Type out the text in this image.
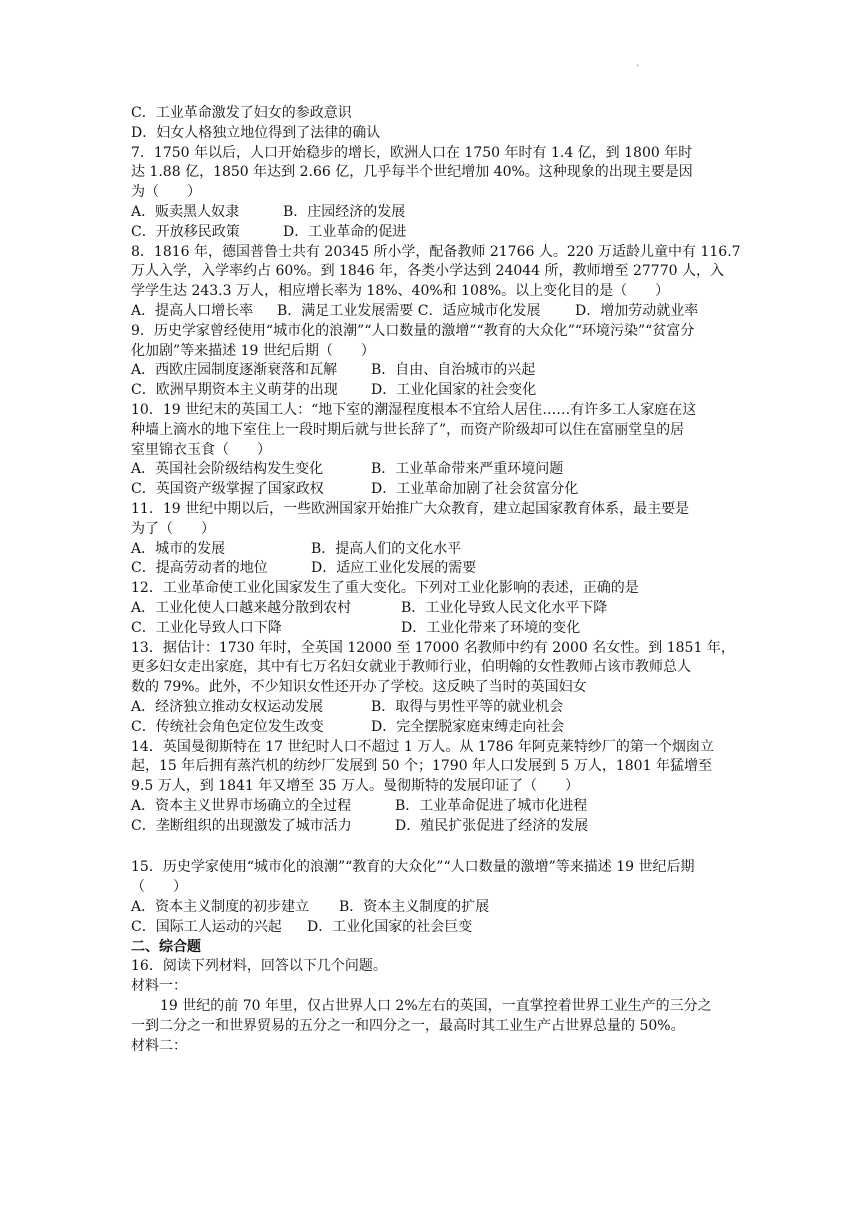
.
C．工业革命激发了妇女的参政意识
D．妇女人格独立地位得到了法律的确认
7．1750 年以后，人口开始稳步的增长，欧洲人口在 1750 年时有 1.4 亿，到 1800 年时
达 1.88 亿，1850 年达到 2.66 亿，几乎每半个世纪增加 40%。这种现象的出现主要是因
为（　　）
A．贩卖黑人奴隶	B．庄园经济的发展
C．开放移民政策	D．工业革命的促进
8．1816 年，德国普鲁士共有 20345 所小学，配备教师 21766 人。220 万适龄儿童中有 116.7
万人入学，入学率约占 60%。到 1846 年，各类小学达到 24044 所，教师增至 27770 人，入
学学生达 243.3 万人，相应增长率为 18%、40%和 108%。以上变化目的是（　　）
A．提高人口增长率 B．满足工业发展需要 C．适应城市化发展 D．增加劳动就业率
9．历史学家曾经使用“城市化的浪潮”“人口数量的激增”“教育的大众化”“环境污染”“贫富分
化加剧”等来描述 19 世纪后期（　　）
A．西欧庄园制度逐渐衰落和瓦解 B．自由、自治城市的兴起
C．欧洲早期资本主义萌芽的出现 D．工业化国家的社会变化
10．19 世纪末的英国工人：“地下室的潮湿程度根本不宜给人居住……有许多工人家庭在这
种墙上滴水的地下室住上一段时期后就与世长辞了”，而资产阶级却可以住在富丽堂皇的居
室里锦衣玉食（　　）
A．英国社会阶级结构发生变化	B．工业革命带来严重环境问题
C．英国资产级掌握了国家政权	D．工业革命加剧了社会贫富分化
11．19 世纪中期以后，一些欧洲国家开始推广大众教育，建立起国家教育体系，最主要是
为了（　　）
A．城市的发展	B．提高人们的文化水平
C．提高劳动者的地位	D．适应工业化发展的需要
12．工业革命使工业化国家发生了重大变化。下列对工业化影响的表述，正确的是
A．工业化使人口越来越分散到农村	B．工业化导致人民文化水平下降
C．工业化导致人口下降	D．工业化带来了环境的变化
13．据估计：1730 年时，全英国 12000 至 17000 名教师中约有 2000 名女性。到 1851 年，
更多妇女走出家庭，其中有七万名妇女就业于教师行业，伯明翰的女性教师占该市教师总人
数的 79%。此外，不少知识女性还开办了学校。这反映了当时的英国妇女
A．经济独立推动女权运动发展	B．取得与男性平等的就业机会
C．传统社会角色定位发生改变	D．完全摆脱家庭束缚走向社会
14．英国曼彻斯特在 17 世纪时人口不超过 1 万人。从 1786 年阿克莱特纱厂的第一个烟囱立
起，15 年后拥有蒸汽机的纺纱厂发展到 50 个；1790 年人口发展到 5 万人，1801 年猛增至
9.5 万人，到 1841 年又增至 35 万人。曼彻斯特的发展印证了（　　）
A．资本主义世界市场确立的全过程	B．工业革命促进了城市化进程
C．垄断组织的出现激发了城市活力	D．殖民扩张促进了经济的发展
15．历史学家使用“城市化的浪潮”“教育的大众化”“人口数量的激增”等来描述 19 世纪后期
（　　）
A．资本主义制度的初步建立 B．资本主义制度的扩展
C．国际工人运动的兴起 D．工业化国家的社会巨变
二、综合题
16．阅读下列材料，回答以下几个问题。
材料一：
19 世纪的前 70 年里，仅占世界人口 2%左右的英国，一直掌控着世界工业生产的三分之
一到二分之一和世界贸易的五分之一和四分之一，最高时其工业生产占世界总量的 50%。
材料二：
